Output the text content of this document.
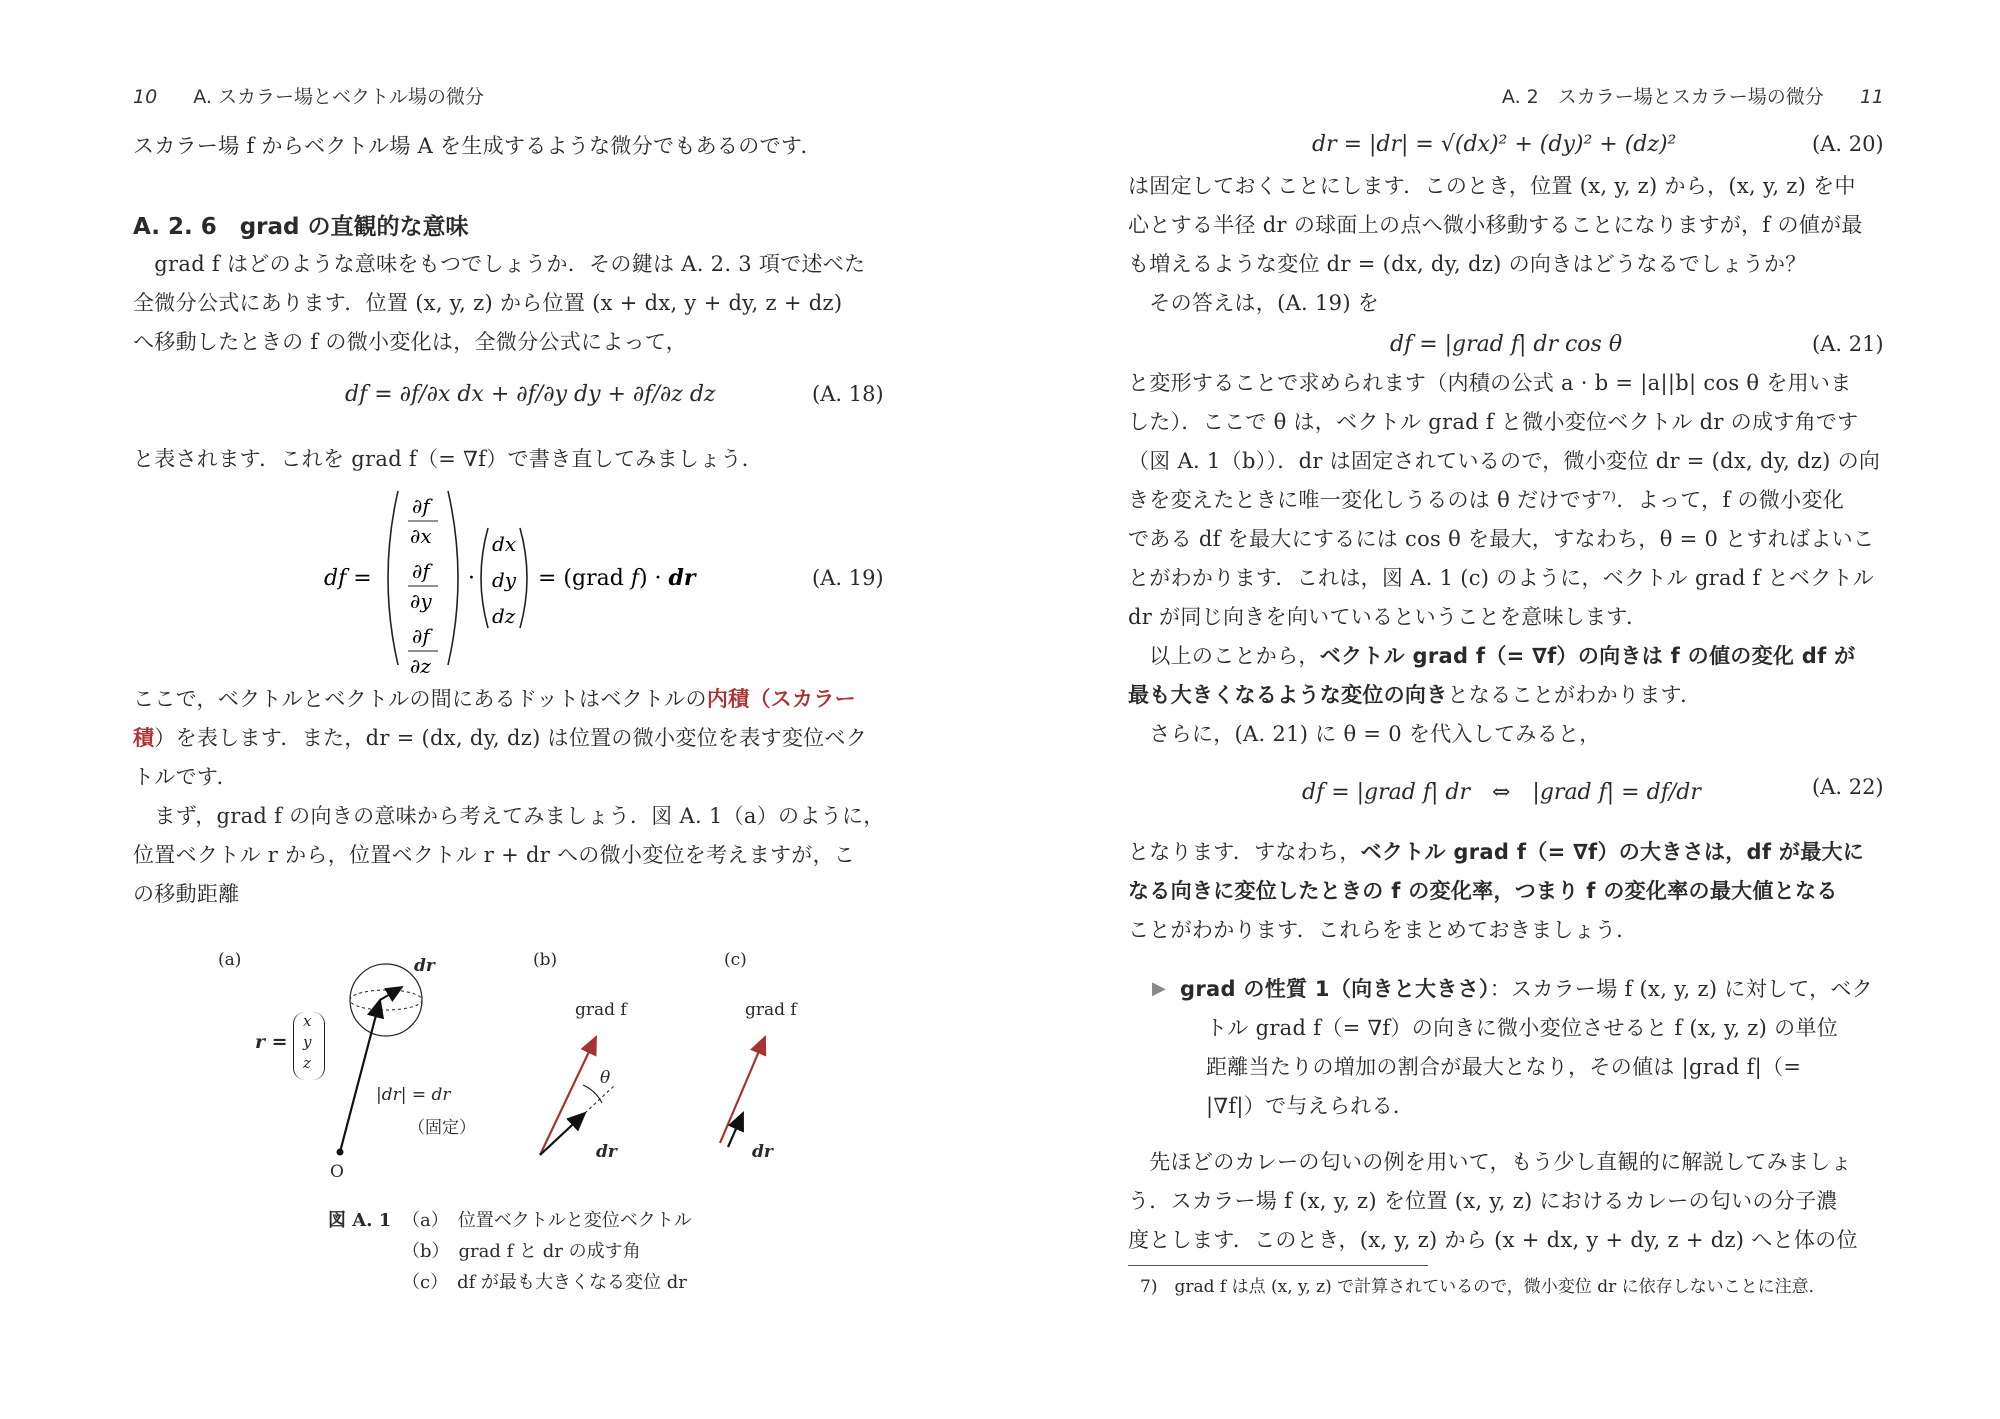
10 A. スカラー場とベクトル場の微分
スカラー場 f からベクトル場 A を生成するような微分でもあるのです．
A. 2. 6　grad の直観的な意味
　grad f はどのような意味をもつでしょうか．その鍵は A. 2. 3 項で述べた
全微分公式にあります．位置 (x, y, z) から位置 (x + dx, y + dy, z + dz)
へ移動したときの f の微小変化は，全微分公式によって，
df = ∂f/∂x dx + ∂f/∂y dy + ∂f/∂z dz	(A. 18)
と表されます．これを grad f（= ∇f）で書き直してみましょう．
df =
∂f
∂x
∂f
∂y
∂f
∂z
·
dx
dy
dz
= (grad f) · dr	(A. 19)
ここで，ベクトルとベクトルの間にあるドットはベクトルの内積（スカラー
積）を表します．また，dr = (dx, dy, dz) は位置の微小変位を表す変位ベク
トルです．
　まず，grad f の向きの意味から考えてみましょう．図 A. 1（a）のように，
位置ベクトル r から，位置ベクトル r + dr への微小変位を考えますが，こ
の移動距離
(a)	(b)	(c)
dr
r =
x
y
z
|dr| = dr
（固定）
O
grad f
θ
dr
grad f
dr
図 A. 1 （a）　位置ベクトルと変位ベクトル
（b）　grad f と dr の成す角
（c）　df が最も大きくなる変位 dr
A. 2　スカラー場とスカラー場の微分 11
dr = |dr| = √(dx)² + (dy)² + (dz)²	(A. 20)
は固定しておくことにします．このとき，位置 (x, y, z) から，(x, y, z) を中
心とする半径 dr の球面上の点へ微小移動することになりますが，f の値が最
も増えるような変位 dr = (dx, dy, dz) の向きはどうなるでしょうか？
　その答えは，(A. 19) を
df = |grad f| dr cos θ	(A. 21)
と変形することで求められます（内積の公式 a · b = |a||b| cos θ を用いま
した）．ここで θ は，ベクトル grad f と微小変位ベクトル dr の成す角です
（図 A. 1（b））．dr は固定されているので，微小変位 dr = (dx, dy, dz) の向
きを変えたときに唯一変化しうるのは θ だけです⁷⁾．よって，f の微小変化
である df を最大にするには cos θ を最大，すなわち，θ = 0 とすればよいこ
とがわかります．これは，図 A. 1 (c) のように，ベクトル grad f とベクトル
dr が同じ向きを向いているということを意味します．
　以上のことから，ベクトル grad f（= ∇f）の向きは f の値の変化 df が
最も大きくなるような変位の向きとなることがわかります．
　さらに，(A. 21) に θ = 0 を代入してみると，
df = |grad f| dr　⇔　|grad f| = df/dr	(A. 22)
となります．すなわち，ベクトル grad f（= ∇f）の大きさは，df が最大に
なる向きに変位したときの f の変化率，つまり f の変化率の最大値となる
ことがわかります．これらをまとめておきましょう．
▶ grad の性質 1（向きと大きさ）：スカラー場 f (x, y, z) に対して，ベク
トル grad f（= ∇f）の向きに微小変位させると f (x, y, z) の単位
距離当たりの増加の割合が最大となり，その値は |grad f|（=
|∇f|）で与えられる．
　先ほどのカレーの匂いの例を用いて，もう少し直観的に解説してみましょ
う．スカラー場 f (x, y, z) を位置 (x, y, z) におけるカレーの匂いの分子濃
度とします．このとき，(x, y, z) から (x + dx, y + dy, z + dz) へと体の位
7)　grad f は点 (x, y, z) で計算されているので，微小変位 dr に依存しないことに注意．
